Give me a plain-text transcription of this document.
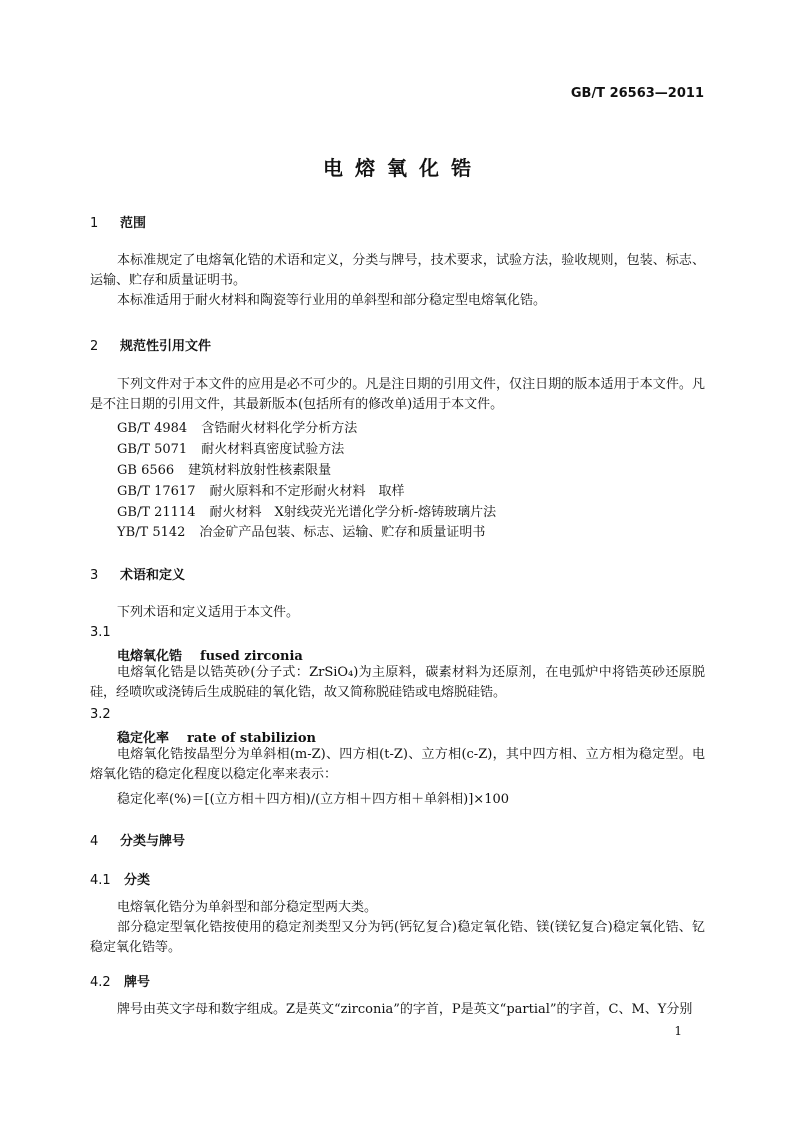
GB/T 26563—2011
电熔氧化锆
1 范围

本标准规定了电熔氧化锆的术语和定义，分类与牌号，技术要求，试验方法，验收规则，包装、标志、运输、贮存和质量证明书。

本标准适用于耐火材料和陶瓷等行业用的单斜型和部分稳定型电熔氧化锆。

2 规范性引用文件

下列文件对于本文件的应用是必不可少的。凡是注日期的引用文件，仅注日期的版本适用于本文件。凡是不注日期的引用文件，其最新版本(包括所有的修改单)适用于本文件。

GB/T 4984 含锆耐火材料化学分析方法
GB/T 5071 耐火材料真密度试验方法
GB 6566 建筑材料放射性核素限量
GB/T 17617 耐火原料和不定形耐火材料　取样
GB/T 21114 耐火材料　X射线荧光光谱化学分析-熔铸玻璃片法
YB/T 5142 冶金矿产品包装、标志、运输、贮存和质量证明书
3 术语和定义

下列术语和定义适用于本文件。

3.1
电熔氧化锆 fused zirconia

电熔氧化锆是以锆英砂(分子式：ZrSiO₄)为主原料，碳素材料为还原剂，在电弧炉中将锆英砂还原脱硅，经喷吹或浇铸后生成脱硅的氧化锆，故又简称脱硅锆或电熔脱硅锆。

3.2
稳定化率 rate of stabilizion

电熔氧化锆按晶型分为单斜相(m-Z)、四方相(t-Z)、立方相(c-Z)，其中四方相、立方相为稳定型。电熔氧化锆的稳定化程度以稳定化率来表示：

稳定化率(%)＝[(立方相＋四方相)/(立方相＋四方相＋单斜相)]×100
4 分类与牌号
4.1 分类

电熔氧化锆分为单斜型和部分稳定型两大类。

部分稳定型氧化锆按使用的稳定剂类型又分为钙(钙钇复合)稳定氧化锆、镁(镁钇复合)稳定氧化锆、钇稳定氧化锆等。

4.2 牌号

牌号由英文字母和数字组成。Z是英文“zirconia”的字首，P是英文“partial”的字首，C、M、Y分别

1
